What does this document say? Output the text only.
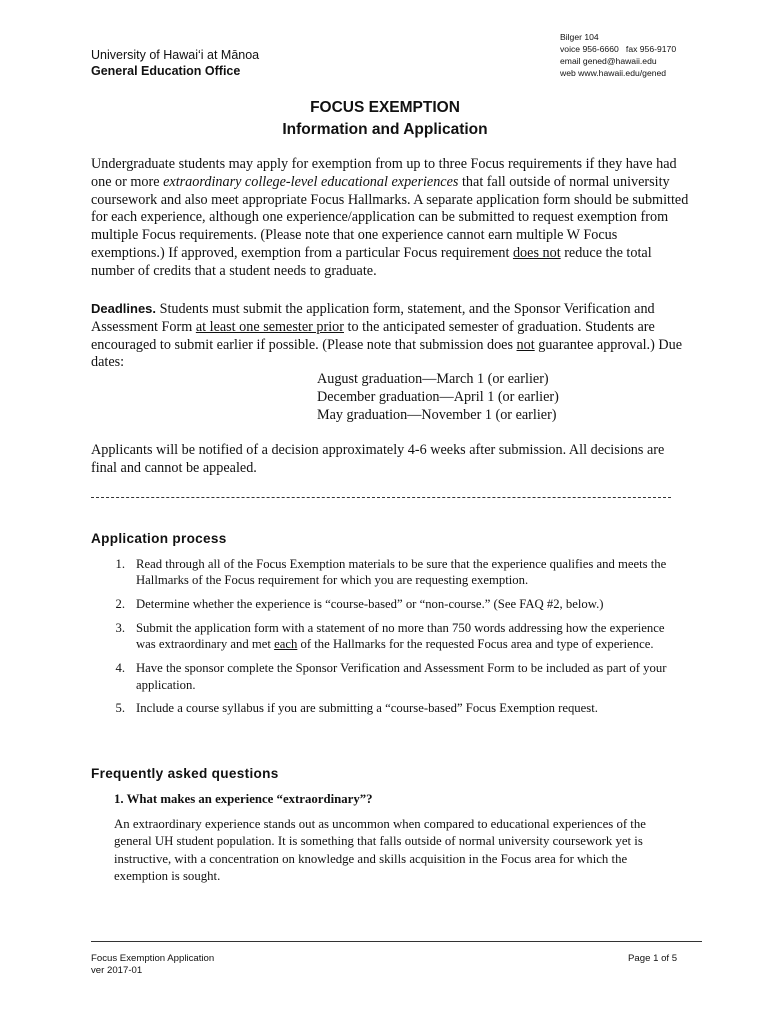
University of Hawai‘i at Mānoa
General Education Office
Bilger 104
voice 956-6660   fax 956-9170
email gened@hawaii.edu
web www.hawaii.edu/gened
FOCUS EXEMPTION
Information and Application
Undergraduate students may apply for exemption from up to three Focus requirements if they have had one or more extraordinary college-level educational experiences that fall outside of normal university coursework and also meet appropriate Focus Hallmarks. A separate application form should be submitted for each experience, although one experience/application can be submitted to request exemption from multiple Focus requirements. (Please note that one experience cannot earn multiple W Focus exemptions.) If approved, exemption from a particular Focus requirement does not reduce the total number of credits that a student needs to graduate.
Deadlines. Students must submit the application form, statement, and the Sponsor Verification and Assessment Form at least one semester prior to the anticipated semester of graduation. Students are encouraged to submit earlier if possible. (Please note that submission does not guarantee approval.) Due dates:
August graduation—March 1 (or earlier)
December graduation—April 1 (or earlier)
May graduation—November 1 (or earlier)
Applicants will be notified of a decision approximately 4-6 weeks after submission. All decisions are final and cannot be appealed.
Application process
1. Read through all of the Focus Exemption materials to be sure that the experience qualifies and meets the Hallmarks of the Focus requirement for which you are requesting exemption.
2. Determine whether the experience is “course-based” or “non-course.” (See FAQ #2, below.)
3. Submit the application form with a statement of no more than 750 words addressing how the experience was extraordinary and met each of the Hallmarks for the requested Focus area and type of experience.
4. Have the sponsor complete the Sponsor Verification and Assessment Form to be included as part of your application.
5. Include a course syllabus if you are submitting a “course-based” Focus Exemption request.
Frequently asked questions
1. What makes an experience “extraordinary”?
An extraordinary experience stands out as uncommon when compared to educational experiences of the general UH student population. It is something that falls outside of normal university coursework yet is instructive, with a concentration on knowledge and skills acquisition in the Focus area for which the exemption is sought.
Focus Exemption Application
ver 2017-01
Page 1 of 5
